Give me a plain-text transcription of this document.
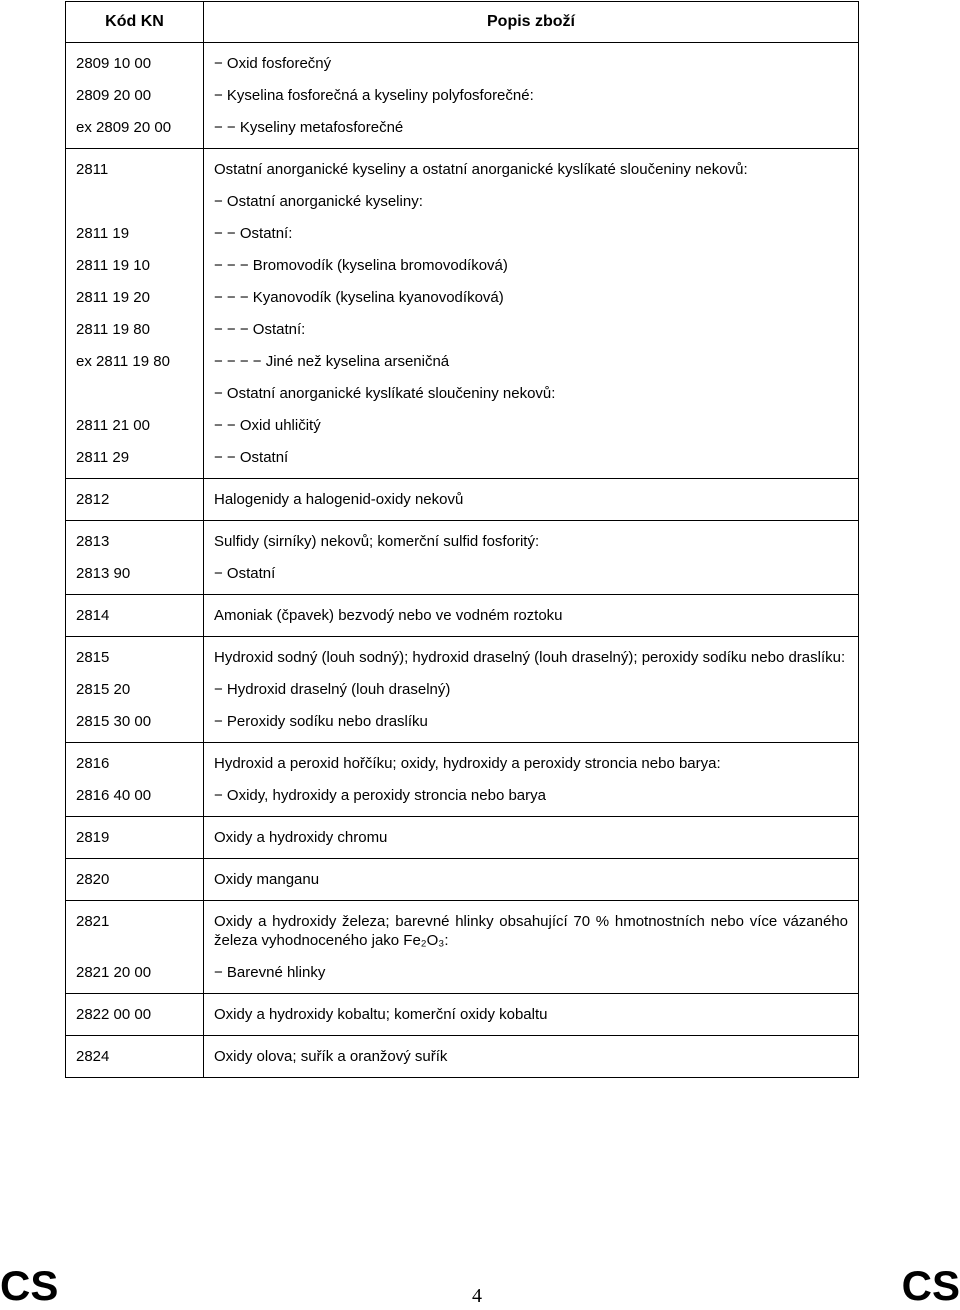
Kód KN	Popis zboží
2809 10 00	− Oxid fosforečný
2809 20 00	− Kyselina fosforečná a kyseliny polyfosforečné:
ex 2809 20 00	− − Kyseliny metafosforečné
2811	Ostatní anorganické kyseliny a ostatní anorganické kyslíkaté sloučeniny nekovů:
	− Ostatní anorganické kyseliny:
2811 19	− − Ostatní:
2811 19 10	− − − Bromovodík (kyselina bromovodíková)
2811 19 20	− − − Kyanovodík (kyselina kyanovodíková)
2811 19 80	− − − Ostatní:
ex 2811 19 80	− − − − Jiné než kyselina arseničná
	− Ostatní anorganické kyslíkaté sloučeniny nekovů:
2811 21 00	− − Oxid uhličitý
2811 29	− − Ostatní
2812	Halogenidy a halogenid-oxidy nekovů
2813	Sulfidy (sirníky) nekovů; komerční sulfid fosforitý:
2813 90	− Ostatní
2814	Amoniak (čpavek) bezvodý nebo ve vodném roztoku
2815	Hydroxid sodný (louh sodný); hydroxid draselný (louh draselný); peroxidy sodíku nebo draslíku:
2815 20	− Hydroxid draselný (louh draselný)
2815 30 00	− Peroxidy sodíku nebo draslíku
2816	Hydroxid a peroxid hořčíku; oxidy, hydroxidy a peroxidy stroncia nebo barya:
2816 40 00	− Oxidy, hydroxidy a peroxidy stroncia nebo barya
2819	Oxidy a hydroxidy chromu
2820	Oxidy manganu
2821	Oxidy a hydroxidy železa; barevné hlinky obsahující 70 % hmotnostních nebo více vázaného železa vyhodnoceného jako Fe₂O₃:
2821 20 00	− Barevné hlinky
2822 00 00	Oxidy a hydroxidy kobaltu; komerční oxidy kobaltu
2824	Oxidy olova; suřík a oranžový suřík
CS	4	CS
